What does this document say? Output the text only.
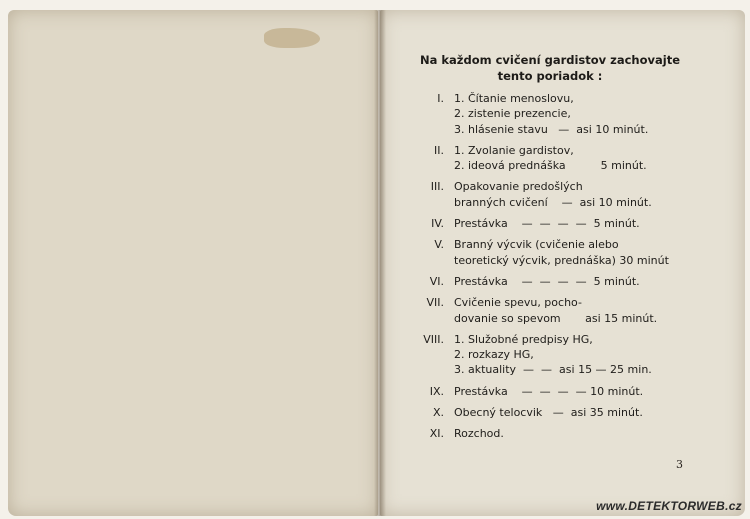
Na každom cvičení gardistov zachovajte
tento poriadok :
I. 1. Čítanie menoslovu,
2. zistenie prezencie,
3. hlásenie stavu   —  asi 10 minút.
II. 1. Zvolanie gardistov,
2. ideová prednáška          5 minút.
III. Opakovanie predošlých
branných cvičení    —  asi 10 minút.
IV. Prestávka    —  —  —  —  5 minút.
V. Branný výcvik (cvičenie alebo
teoretický výcvik, prednáška) 30 minút
VI. Prestávka    —  —  —  —  5 minút.
VII. Cvičenie spevu, pocho-
dovanie so spevom       asi 15 minút.
VIII. 1. Služobné predpisy HG,
2. rozkazy HG,
3. aktuality  —  —  asi 15 — 25 min.
IX. Prestávka    —  —  —  — 10 minút.
X. Obecný telocvik   —  asi 35 minút.
XI. Rozchod.
3
www.DETEKTORWEB.cz
